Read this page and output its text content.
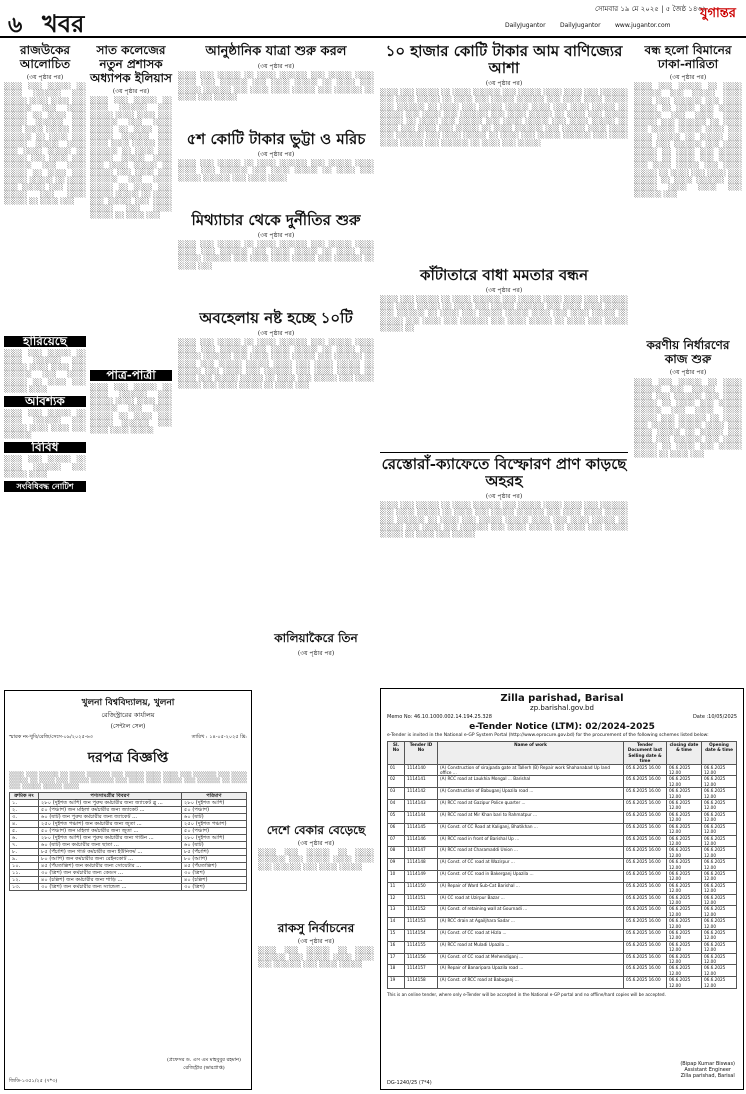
৬ খবর	DailyJugantor DailyJugantor www.jugantor.com
সোমবার ১৯ মে ২০২৫ | ৫ জৈষ্ঠ ১৪৩২
যুগান্তর
রাজউকের আলোচিত
(৩য় পৃষ্ঠার পর)
░░░░ ░░░ ░░░░░ ░░ ░░░░ ░░░░░░ ░░░ ░░░░░ ░░░░ ░░░░ ░░░ ░░░░░░ ░░░ ░░░░ ░░░░░ ░░ ░░░░ ░░░ ░░░░░ ░░░░░░ ░░░ ░░░░ ░░░░ ░░░░░ ░░░ ░░░░░░ ░░ ░░░░ ░░░ ░░░░░ ░░░░░ ░░░░ ░░░ ░░░░ ░░░░░ ░░ ░░░░░ ░░░ ░░░░ ░░░ ░░░░░░ ░░░ ░░░░ ░░░░░ ░░ ░░░░ ░░░ ░░░░░ ░░░░░ ░░ ░░░░ ░░░ ░░░░░ ░░░ ░░░░ ░░░░░ ░░░ ░░░░ ░░░░░ ░░ ░░░░ ░░░
হারিয়েছে
░░░░ ░░░ ░░░░░ ░░ ░░░░ ░░░░░░ ░░░ ░░░░░ ░░░░ ░░░░ ░░░ ░░░░░░ ░░░ ░░░░ ░░░░░ ░░ ░░░░ ░░░ ░░░░░ ░░░░
আবশ্যক
░░░░ ░░░ ░░░░░ ░░ ░░░░ ░░░░░░ ░░░ ░░░░░ ░░░░ ░░░░ ░░░ ░░░░░░
বিবিধ
░░░░ ░░░ ░░░░░ ░░ ░░░░ ░░░░░░ ░░░ ░░░░░ ░░░░
সংবিধিবদ্ধ নোটিশ
সাত কলেজের নতুন প্রশাসক অধ্যাপক ইলিয়াস
(৩য় পৃষ্ঠার পর)
░░░░ ░░░ ░░░░░ ░░ ░░░░ ░░░░░░ ░░░ ░░░░░ ░░░░ ░░░░ ░░░ ░░░░░░ ░░░ ░░░░ ░░░░░ ░░ ░░░░ ░░░ ░░░░░ ░░░░░░ ░░░ ░░░░ ░░░░ ░░░░░ ░░░ ░░░░░░ ░░ ░░░░ ░░░ ░░░░░ ░░░░░ ░░░░ ░░░ ░░░░ ░░░░░ ░░ ░░░░░ ░░░ ░░░░ ░░░ ░░░░░░ ░░░ ░░░░ ░░░░░ ░░ ░░░░ ░░░ ░░░░░ ░░░░░ ░░ ░░░░ ░░░ ░░░░░ ░░░ ░░░░ ░░░░░ ░░░ ░░░░ ░░░░░ ░░ ░░░░ ░░░
পাত্র-পাত্রী
░░░░ ░░░ ░░░░░ ░░ ░░░░ ░░░░░░ ░░░ ░░░░░ ░░░░ ░░░░ ░░░ ░░░░░░ ░░░ ░░░░ ░░░░░ ░░ ░░░░ ░░░ ░░░░░ ░░░░░░ ░░░ ░░░░ ░░░░ ░░░░░
আনুষ্ঠানিক যাত্রা শুরু করল
(৩য় পৃষ্ঠার পর)
░░░░ ░░░ ░░░░░ ░░ ░░░░ ░░░░░░ ░░░ ░░░░░ ░░░░ ░░░░ ░░░ ░░░░░░ ░░░ ░░░░ ░░░░░ ░░ ░░░░ ░░░ ░░░░░ ░░░░░░ ░░░ ░░░░ ░░░░ ░░░░░ ░░░ ░░░░░░ ░░ ░░░░ ░░░ ░░░░░
৫শ কোটি টাকার ভুট্টা ও মরিচ
(৩য় পৃষ্ঠার পর)
░░░░ ░░░ ░░░░░ ░░ ░░░░ ░░░░░░ ░░░ ░░░░░ ░░░░ ░░░░ ░░░ ░░░░░░ ░░░ ░░░░ ░░░░░ ░░ ░░░░ ░░░ ░░░░░ ░░░░░░ ░░░ ░░░░ ░░░░
মিথ্যাচার থেকে দুর্নীতির শুরু
(৩য় পৃষ্ঠার পর)
░░░░ ░░░ ░░░░░ ░░ ░░░░ ░░░░░░ ░░░ ░░░░░ ░░░░ ░░░░ ░░░ ░░░░░░ ░░░ ░░░░ ░░░░░ ░░ ░░░░ ░░░ ░░░░░ ░░░░░░ ░░░ ░░░░ ░░░░ ░░░░░ ░░░ ░░░░░░ ░░ ░░░░ ░░░
অবহেলায় নষ্ট হচ্ছে ১০টি
(৩য় পৃষ্ঠার পর)
░░░░ ░░░ ░░░░░ ░░ ░░░░ ░░░░░░ ░░░ ░░░░░ ░░░░ ░░░░ ░░░ ░░░░░░ ░░░ ░░░░ ░░░░░ ░░ ░░░░ ░░░ ░░░░░ ░░░░░░ ░░░ ░░░░ ░░░░ ░░░░░ ░░░ ░░░░░░ ░░ ░░░░ ░░░ ░░░░░ ░░░░░ ░░░░ ░░░ ░░░░ ░░░░░ ░░ ░░░░░ ░░░ ░░░░ ░░░ ░░░░░░ ░░░ ░░░░ ░░░░░ ░░ ░░░░ ░░░ ░░░░░ ░░░░░ ░░ ░░░░ ░░░ ░░░░░ ░░░ ░░░░ ░░░░░ ░░░ ░░░░ ░░░░░ ░░ ░░░░ ░░░
কালিয়াকৈরে তিন
(৩য় পৃষ্ঠার পর)
১০ হাজার কোটি টাকার আম বাণিজ্যের আশা
(৩য় পৃষ্ঠার পর)
░░░░ ░░░ ░░░░░ ░░ ░░░░ ░░░░░░ ░░░ ░░░░░ ░░░░ ░░░░ ░░░ ░░░░░░ ░░░ ░░░░ ░░░░░ ░░ ░░░░ ░░░ ░░░░░ ░░░░░░ ░░░ ░░░░ ░░░░ ░░░░░ ░░░ ░░░░░░ ░░ ░░░░ ░░░ ░░░░░ ░░░░░ ░░░░ ░░░ ░░░░ ░░░░░ ░░ ░░░░░ ░░░ ░░░░ ░░░ ░░░░░░ ░░░ ░░░░ ░░░░░ ░░ ░░░░ ░░░ ░░░░░ ░░░░░ ░░ ░░░░ ░░░ ░░░░░ ░░░ ░░░░ ░░░░░ ░░░ ░░░░ ░░░░░ ░░ ░░░░ ░░░ ░░░░ ░░░ ░░░░░ ░░ ░░░░ ░░░░░░ ░░░ ░░░░░ ░░░░ ░░░░ ░░░ ░░░░░░ ░░░ ░░░░ ░░░░░ ░░ ░░░░ ░░░ ░░░░░ ░░░░░░ ░░░ ░░░░ ░░░░ ░░░░░ ░░░ ░░░░░░ ░░ ░░░░ ░░░ ░░░░░
কাঁটাতারে বাধা মমতার বন্ধন
(৩য় পৃষ্ঠার পর)
░░░░ ░░░ ░░░░░ ░░ ░░░░ ░░░░░░ ░░░ ░░░░░ ░░░░ ░░░░ ░░░ ░░░░░░ ░░░ ░░░░ ░░░░░ ░░ ░░░░ ░░░ ░░░░░ ░░░░░░ ░░░ ░░░░ ░░░░ ░░░░░ ░░░ ░░░░░░ ░░ ░░░░ ░░░ ░░░░░ ░░░░░ ░░░░ ░░░ ░░░░ ░░░░░ ░░ ░░░░░ ░░░ ░░░░ ░░░ ░░░░░░ ░░░ ░░░░ ░░░░░ ░░ ░░░░ ░░░ ░░░░░ ░░░░░ ░░
রেস্তোরাঁ-ক্যাফেতে বিস্ফোরণ প্রাণ কাড়ছে অহরহ
(৩য় পৃষ্ঠার পর)
░░░░ ░░░ ░░░░░ ░░ ░░░░ ░░░░░░ ░░░ ░░░░░ ░░░░ ░░░░ ░░░ ░░░░░░ ░░░ ░░░░ ░░░░░ ░░ ░░░░ ░░░ ░░░░░ ░░░░░░ ░░░ ░░░░ ░░░░ ░░░░░ ░░░ ░░░░░░ ░░ ░░░░ ░░░ ░░░░░ ░░░░░ ░░░░ ░░░ ░░░░ ░░░░░ ░░ ░░░░░ ░░░ ░░░░ ░░░ ░░░░░░ ░░░ ░░░░ ░░░░░ ░░ ░░░░ ░░░ ░░░░░ ░░░░░ ░░ ░░░░ ░░░ ░░░░░
বন্ধ হলো বিমানের ঢাকা-নারিতা
(৩য় পৃষ্ঠার পর)
░░░░ ░░░ ░░░░░ ░░ ░░░░ ░░░░░░ ░░░ ░░░░░ ░░░░ ░░░░ ░░░ ░░░░░░ ░░░ ░░░░ ░░░░░ ░░ ░░░░ ░░░ ░░░░░ ░░░░░░ ░░░ ░░░░ ░░░░ ░░░░░ ░░░ ░░░░░░ ░░ ░░░░ ░░░ ░░░░░ ░░░░░ ░░░░ ░░░ ░░░░ ░░░░░ ░░ ░░░░░ ░░░ ░░░░ ░░░ ░░░░░░ ░░░ ░░░░ ░░░░░ ░░ ░░░░ ░░░ ░░░░░ ░░░░░ ░░ ░░░░ ░░░ ░░░░░ ░░░ ░░░░ ░░░░░ ░░░ ░░░░ ░░░░░ ░░ ░░░░ ░░░ ░░░░ ░░░ ░░░░░ ░░ ░░░░ ░░░░░░ ░░░ ░░░░░ ░░░░ ░░░░ ░░░ ░░░░░░ ░░░
করণীয় নির্ধারণের কাজ শুরু
(৩য় পৃষ্ঠার পর)
░░░░ ░░░ ░░░░░ ░░ ░░░░ ░░░░░░ ░░░ ░░░░░ ░░░░ ░░░░ ░░░ ░░░░░░ ░░░ ░░░░ ░░░░░ ░░ ░░░░ ░░░ ░░░░░ ░░░░░░ ░░░ ░░░░ ░░░░ ░░░░░ ░░░ ░░░░░░ ░░ ░░░░ ░░░ ░░░░░ ░░░░░ ░░░░ ░░░ ░░░░ ░░░░░ ░░ ░░░░░ ░░░ ░░░░ ░░░ ░░░░░░ ░░░ ░░░░ ░░░░░ ░░ ░░░░ ░░░ ░░░░░ ░░░░░ ░░ ░░░░ ░░░
খুলনা বিশ্ববিদ্যালয়, খুলনা
রেজিস্ট্রারের কার্যালয়
(সেন্টাল সেল)
স্মারক নং-খুবি/রেজি/সেসে-০৯/২০২৫-৬৩	তারিখ : ১৪-০৫-২০২৫ খ্রি:
দরপত্র বিজ্ঞপ্তি
░░░░ ░░░ ░░░░░ ░░ ░░░░ ░░░░░░ ░░░ ░░░░░ ░░░░ ░░░░ ░░░ ░░░░░░ ░░░ ░░░░ ░░░░░ ░░ ░░░░ ░░░ ░░░░░ ░░░░░░ ░░░ ░░░░ ░░░░ ░░░░░ ░░░ ░░░░░░ ░░ ░░░░ ░░░ ░░░░░ ░░░░░ ░░░░
ক্রমিক নং	পণ্যসামগ্রীর বিবরণ	পরিমাণ
১.	২৮০ (দুইশত আশি) জন পুরুষ কর্মচারীর জন্য জ্যাকেট ব্লু ...	২৮০ (দুইশত আশি)
২.	৫০ (পঞ্চাশ) জন মহিলা কর্মচারীর জন্য জ্যাকেট ...	৫০ (পঞ্চাশ)
৩.	৬০ (ষাট) জন পুরুষ কর্মচারীর জন্য জ্যাকেট ...	৬০ (ষাট)
৪.	২৫০ (দুইশত পঞ্চাশ) জন কর্মচারীর জন্য জুতা ...	২৫০ (দুইশত পঞ্চাশ)
৫.	৫০ (পঞ্চাশ) জন মহিলা কর্মচারীর জন্য জুতা ...	৫০ (পঞ্চাশ)
৬.	২৮০ (দুইশত আশি) জন পুরুষ কর্মচারীর জন্য গাউন ...	২৮০ (দুইশত আশি)
৭.	৬০ (ষাট) জন কর্মচারীর জন্য ছাতা ...	৬০ (ষাট)
৮.	৮৫ (পঁচাশি) জন গার্ড কর্মচারীর জন্য ইউনিফর্ম ...	৮৫ (পঁচাশি)
৯.	৮০ (আশি) জন কর্মচারীর জন্য রেইনকোট ...	৮০ (আশি)
১০.	৪৫ (পঁয়তাল্লিশ) জন কর্মচারীর জন্য সোয়েটার ...	৪৫ (পঁয়তাল্লিশ)
১১.	৩০ (ত্রিশ) জন কর্মচারীর জন্য কেডস ...	৩০ (ত্রিশ)
১২.	৪০ (চল্লিশ) জন কর্মচারীর জন্য শাড়ি ...	৪০ (চল্লিশ)
১৩.	৩০ (ত্রিশ) জন কর্মচারীর জন্য স্যান্ডেল ...	৩০ (ত্রিশ)
(প্রফেসর ড. এস এম মাহবুবুর রহমান)
রেজিস্ট্রার (ভারপ্রাপ্ত)
জিডি-১৩৫১/২৫ (৭*৩)
দেশে বেকার বেড়েছে
(৩য় পৃষ্ঠার পর)
░░░░ ░░░ ░░░░░ ░░ ░░░░ ░░░░░░ ░░░ ░░░░░ ░░░░ ░░░░ ░░░ ░░░░░░ ░░░ ░░░░ ░░░░░
রাকসু নির্বাচনের
(৩য় পৃষ্ঠার পর)
░░░░ ░░░ ░░░░░ ░░ ░░░░ ░░░░░░ ░░░ ░░░░░ ░░░░ ░░░░ ░░░ ░░░░░░ ░░░ ░░░░ ░░░░░
Zilla parishad, Barisal
zp.barishal.gov.bd
Memo No: 46.10.1000.002.14.194.25.328	Date :10/05/2025
e-Tender Notice (LTM): 02/2024-2025
e-Tender is invited in the National e-GP System Portal (http://www.eprocure.gov.bd) for the procurement of the following schemes listed below:
Sl. No	Tender ID No	Name of work	Tender Document last Selling date & time	closing date & time	Opening date & time
01	1114140	(A) Construction of sirajpada gate at Tallerh (B) Repair work Shahanabad Up land office ...	05.6.2025 16.00	06.6.2025 12.00	06.6.2025 12.00
02	1114141	(A) RCC road at Laukhia Mongal ... Barishal	05.6.2025 16.00	06.6.2025 12.00	06.6.2025 12.00
03	1114142	(A) Construction of Babuganj Upazila road ...	05.6.2025 16.00	06.6.2025 12.00	06.6.2025 12.00
04	1114143	(A) RCC road at Gazipur Police quarter ...	05.6.2025 16.00	06.6.2025 12.00	06.6.2025 12.00
05	1114144	(A) RCC road at Mir Khan bari to Rahmatpur ...	05.6.2025 16.00	06.6.2025 12.00	06.6.2025 12.00
06	1114145	(A) Const. of CC Road at Kaliganj, Bhatikhan ...	05.6.2025 16.00	06.6.2025 12.00	06.6.2025 12.00
07	1114146	(A) RCC road in front of Barishal Up ...	05.6.2025 16.00	06.6.2025 12.00	06.6.2025 12.00
08	1114147	(A) RCC road at Charamaddi Union ...	05.6.2025 16.00	06.6.2025 12.00	06.6.2025 12.00
09	1114148	(A) Const. of CC road at Wazirpur ...	05.6.2025 16.00	06.6.2025 12.00	06.6.2025 12.00
10	1114149	(A) Const. of CC road in Bakerganj Upazila ...	05.6.2025 16.00	06.6.2025 12.00	06.6.2025 12.00
11	1114150	(A) Repair of Ward Sub-Cat Barishal ...	05.6.2025 16.00	06.6.2025 12.00	06.6.2025 12.00
12	1114151	(A) CC road at Uzirpur Bazar ...	05.6.2025 16.00	06.6.2025 12.00	06.6.2025 12.00
13	1114152	(A) Const. of retaining wall at Gournadi ...	05.6.2025 16.00	06.6.2025 12.00	06.6.2025 12.00
14	1114153	(A) RCC drain at Agailjhara Sadar ...	05.6.2025 16.00	06.6.2025 12.00	06.6.2025 12.00
15	1114154	(A) Const. of CC road at Hizla ...	05.6.2025 16.00	06.6.2025 12.00	06.6.2025 12.00
16	1114155	(A) RCC road at Muladi Upazila ...	05.6.2025 16.00	06.6.2025 12.00	06.6.2025 12.00
17	1114156	(A) Const. of CC road at Mehendiganj ...	05.6.2025 16.00	06.6.2025 12.00	06.6.2025 12.00
18	1114157	(A) Repair of Banaripara Upazila road ...	05.6.2025 16.00	06.6.2025 12.00	06.6.2025 12.00
19	1114158	(A) Const. of RCC road at Babuganj ...	05.6.2025 16.00	06.6.2025 12.00	06.6.2025 12.00
This is an online tender, where only e-Tender will be accepted in the National e-GP portal and no offline/hard copies will be accepted.
(Bipap Kumar Biswas)
Assistant Engineer
Zilla parishad, Barisal
DG-1240/25 (7*4)
